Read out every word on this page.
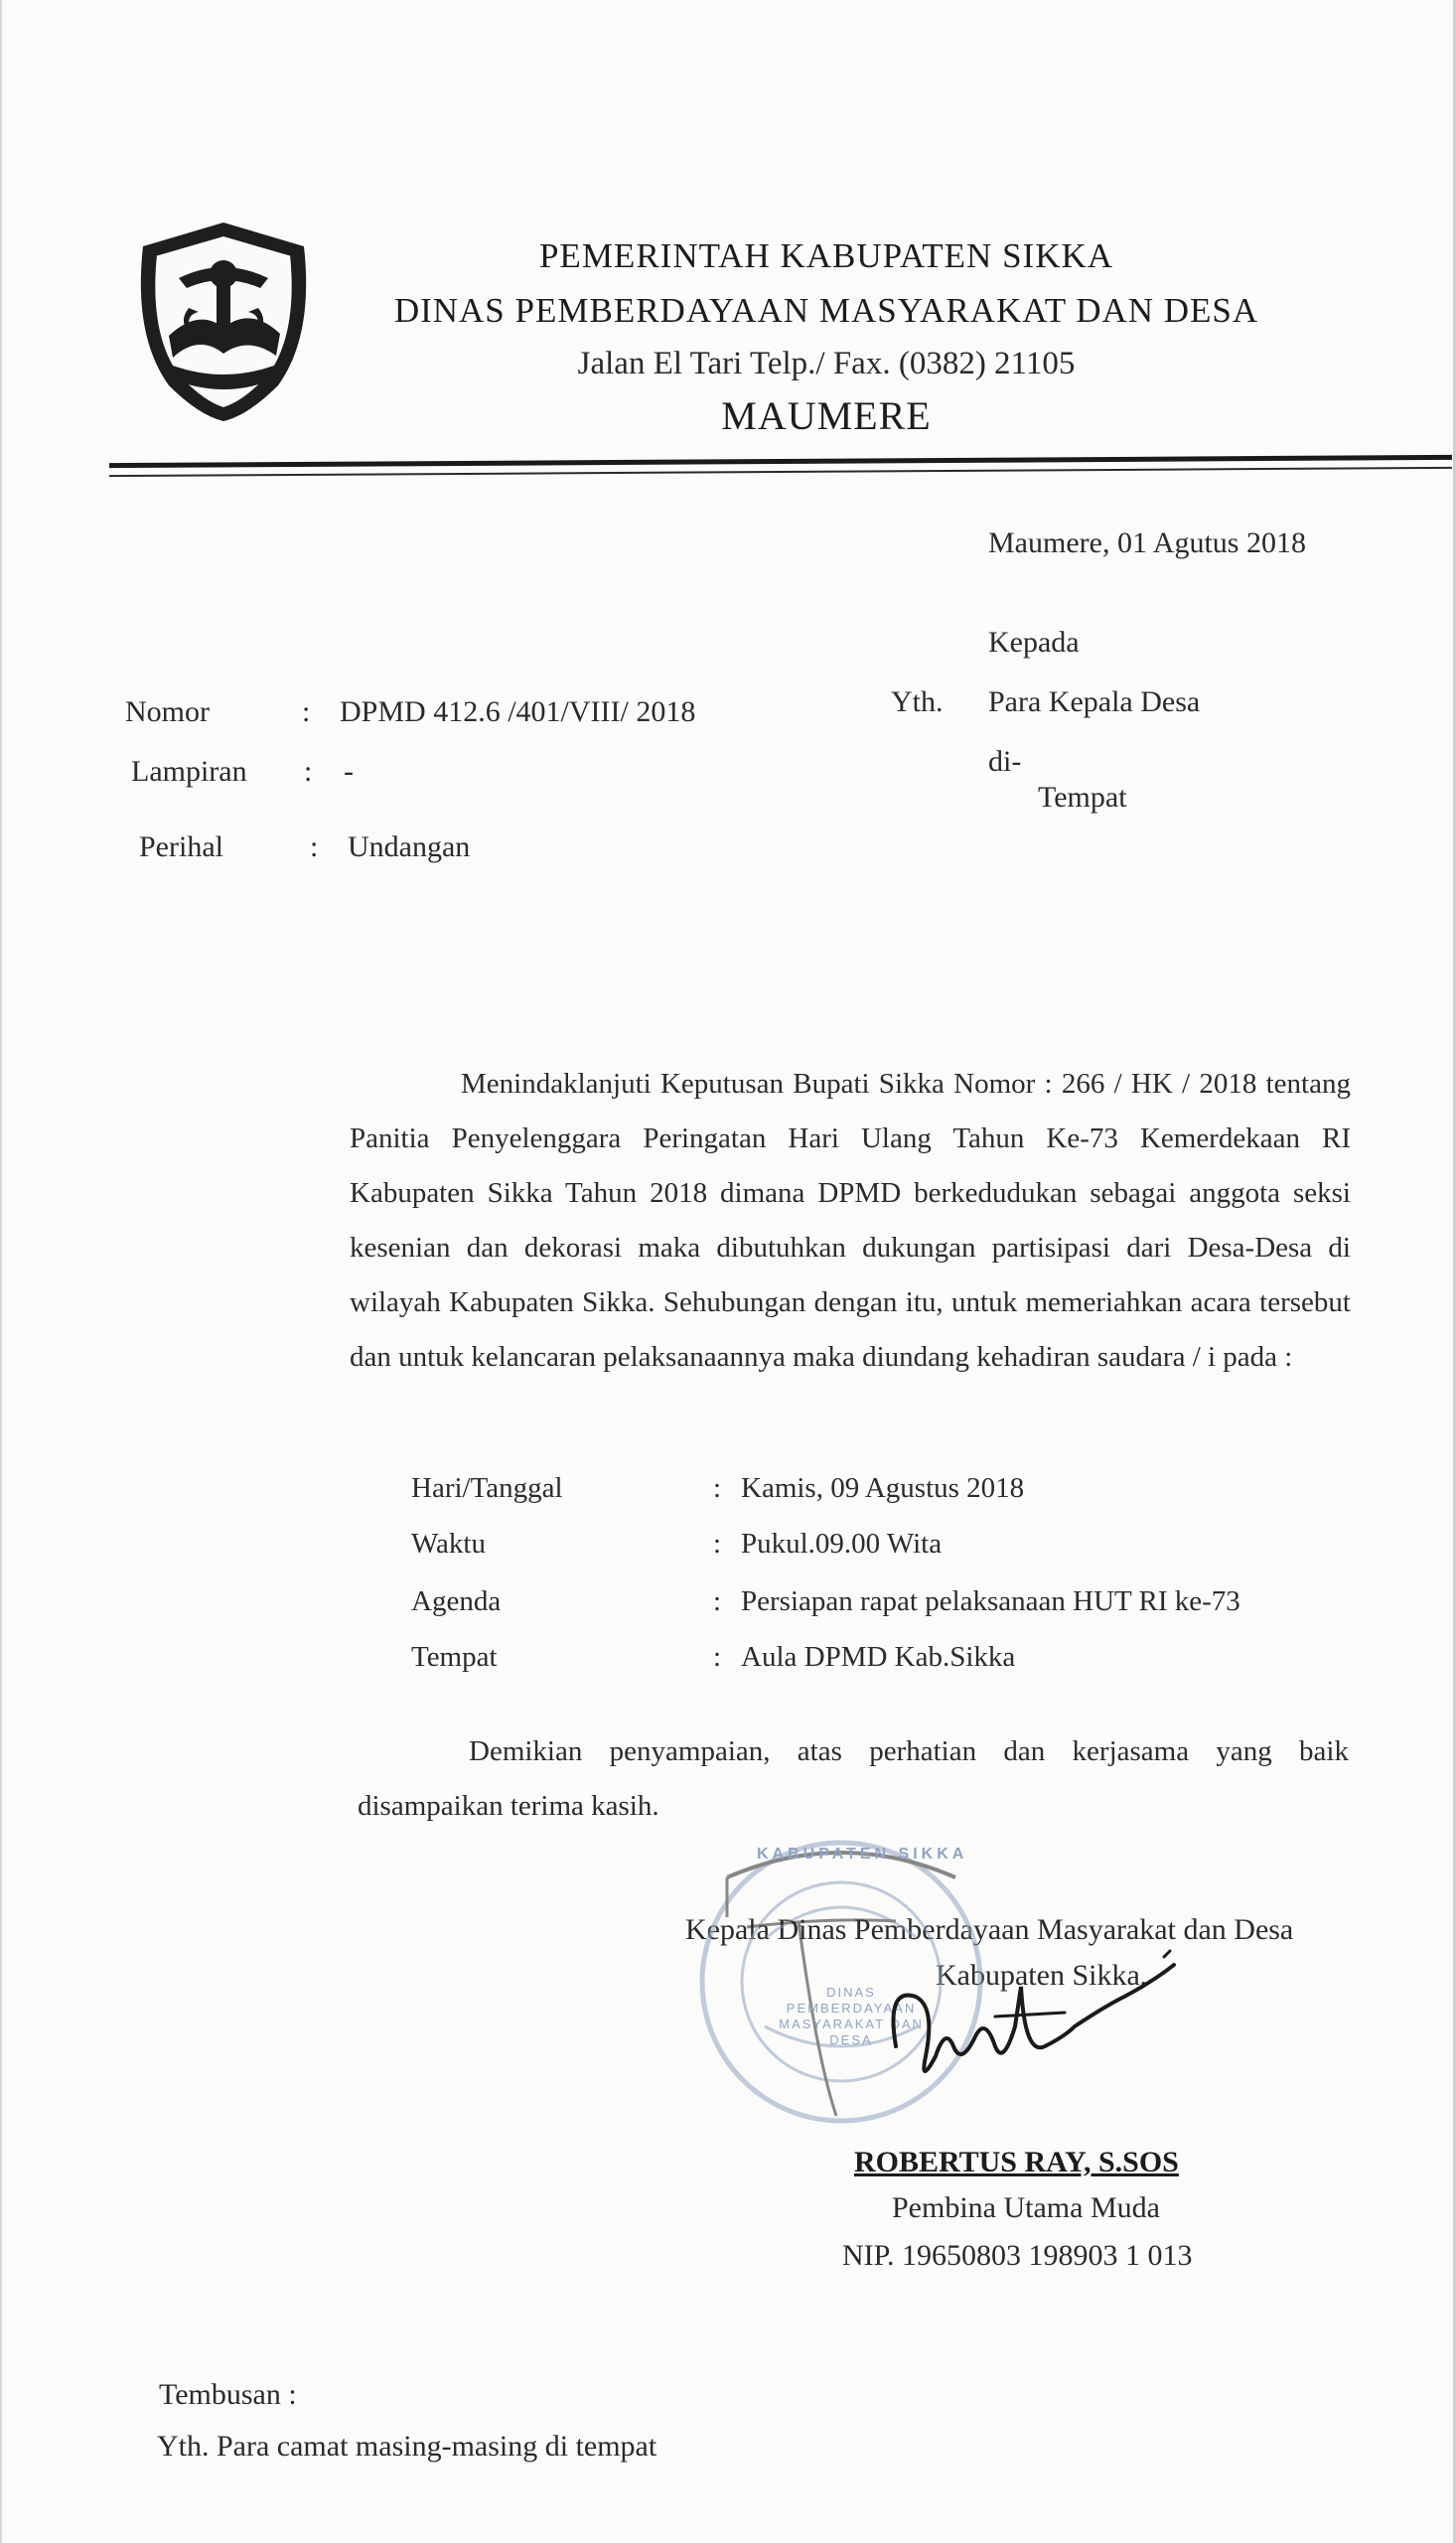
PEMERINTAH KABUPATEN SIKKA
DINAS PEMBERDAYAAN MASYARAKAT DAN DESA
Jalan El Tari Telp./ Fax. (0382) 21105
MAUMERE
Maumere, 01 Agutus 2018
Kepada
Yth. Para Kepala Desa
di-
Tempat
Nomor	: DPMD 412.6 /401/VIII/ 2018
Lampiran : -
Perihal	: Undangan

Menindaklanjuti Keputusan Bupati Sikka Nomor : 266 / HK / 2018 tentang Panitia Penyelenggara Peringatan Hari Ulang Tahun Ke-73 Kemerdekaan RI Kabupaten Sikka Tahun 2018 dimana DPMD berkedudukan sebagai anggota seksi kesenian dan dekorasi maka dibutuhkan dukungan partisipasi dari Desa-Desa di wilayah Kabupaten Sikka. Sehubungan dengan itu, untuk memeriahkan acara tersebut dan untuk kelancaran pelaksanaannya maka diundang kehadiran saudara / i pada :

Hari/Tanggal	: Kamis, 09 Agustus 2018
Waktu	: Pukul.09.00 Wita
Agenda	: Persiapan rapat pelaksanaan HUT RI ke-73
Tempat	: Aula DPMD Kab.Sikka

Demikian penyampaian, atas perhatian dan kerjasama yang baik disampaikan terima kasih.

Kepala Dinas Pemberdayaan Masyarakat dan Desa
Kabupaten Sikka,
DINAS PEMBERDAYAAN MASYARAKAT DAN DESA
KABUPATEN SIKKA
ROBERTUS RAY, S.SOS
Pembina Utama Muda
NIP. 19650803 198903 1 013
Tembusan :
Yth. Para camat masing-masing di tempat
